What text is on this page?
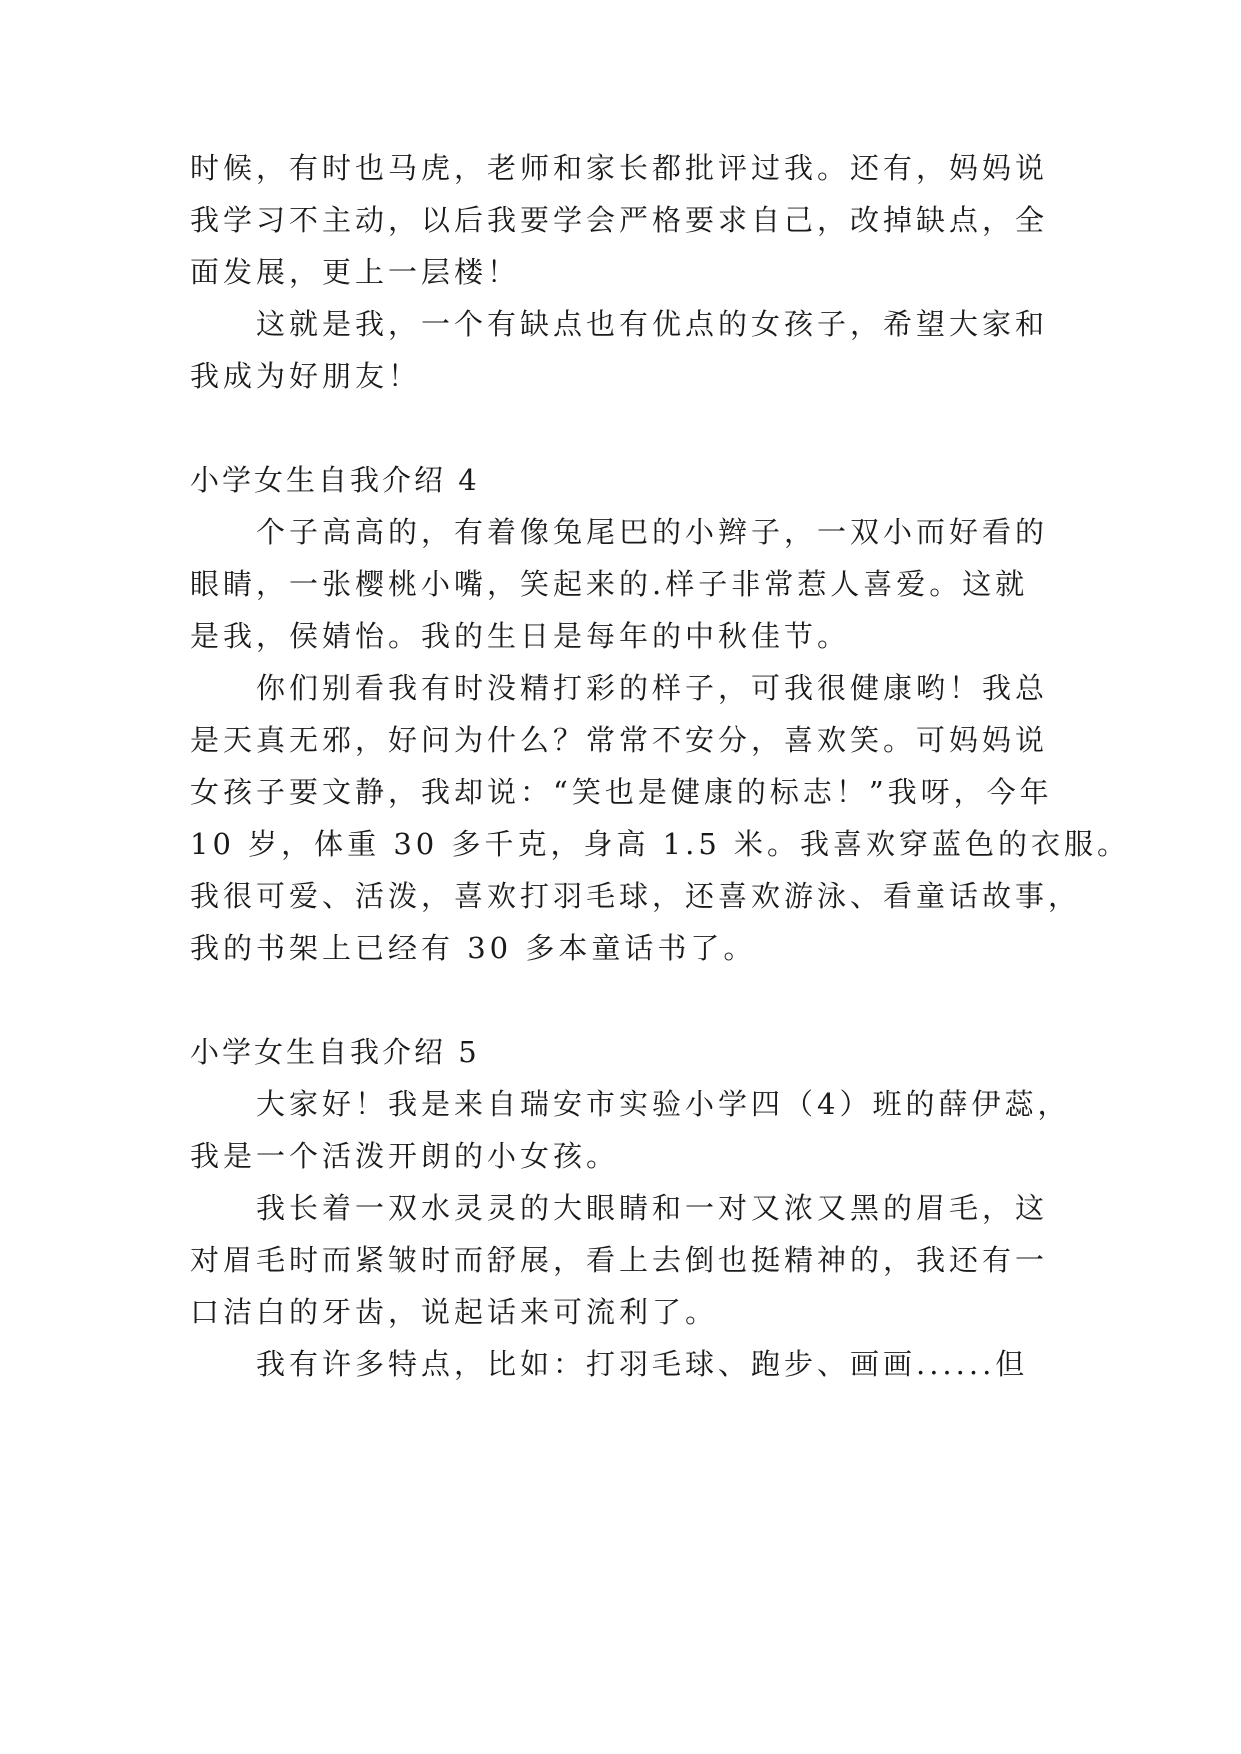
时候，有时也马虎，老师和家长都批评过我。还有，妈妈说
我学习不主动，以后我要学会严格要求自己，改掉缺点，全
面发展，更上一层楼！
这就是我，一个有缺点也有优点的女孩子，希望大家和
我成为好朋友！
小学女生自我介绍 4
个子高高的，有着像兔尾巴的小辫子，一双小而好看的
眼睛，一张樱桃小嘴，笑起来的.样子非常惹人喜爱。这就
是我，侯婧怡。我的生日是每年的中秋佳节。
你们别看我有时没精打彩的样子，可我很健康哟！我总
是天真无邪，好问为什么？常常不安分，喜欢笑。可妈妈说
女孩子要文静，我却说：“笑也是健康的标志！”我呀，今年
10 岁，体重 30 多千克，身高 1.5 米。我喜欢穿蓝色的衣服。
我很可爱、活泼，喜欢打羽毛球，还喜欢游泳、看童话故事，
我的书架上已经有 30 多本童话书了。
小学女生自我介绍 5
大家好！我是来自瑞安市实验小学四（4）班的薛伊蕊，
我是一个活泼开朗的小女孩。
我长着一双水灵灵的大眼睛和一对又浓又黑的眉毛，这
对眉毛时而紧皱时而舒展，看上去倒也挺精神的，我还有一
口洁白的牙齿，说起话来可流利了。
我有许多特点，比如：打羽毛球、跑步、画画......但
